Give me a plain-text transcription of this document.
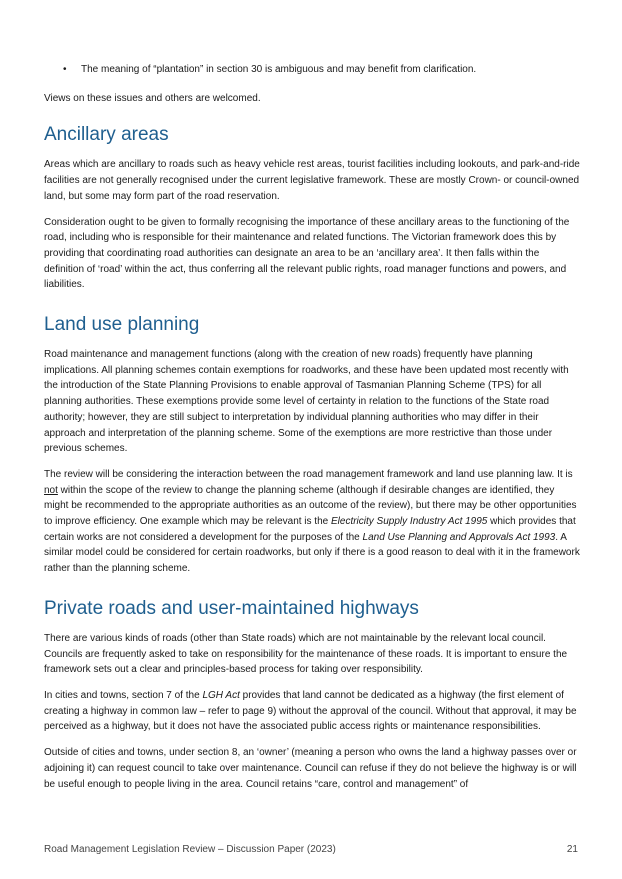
• The meaning of “plantation” in section 30 is ambiguous and may benefit from clarification.

Views on these issues and others are welcomed.

Ancillary areas

Areas which are ancillary to roads such as heavy vehicle rest areas, tourist facilities including lookouts, and park-and-ride facilities are not generally recognised under the current legislative framework. These are mostly Crown- or council-owned land, but some may form part of the road reservation.

Consideration ought to be given to formally recognising the importance of these ancillary areas to the functioning of the road, including who is responsible for their maintenance and related functions. The Victorian framework does this by providing that coordinating road authorities can designate an area to be an ‘ancillary area’. It then falls within the definition of ‘road’ within the act, thus conferring all the relevant public rights, road manager functions and powers, and liabilities.

Land use planning

Road maintenance and management functions (along with the creation of new roads) frequently have planning implications. All planning schemes contain exemptions for roadworks, and these have been updated most recently with the introduction of the State Planning Provisions to enable approval of Tasmanian Planning Scheme (TPS) for all planning authorities. These exemptions provide some level of certainty in relation to the functions of the State road authority; however, they are still subject to interpretation by individual planning authorities who may differ in their approach and interpretation of the planning scheme. Some of the exemptions are more restrictive than those under previous schemes.

The review will be considering the interaction between the road management framework and land use planning law. It is not within the scope of the review to change the planning scheme (although if desirable changes are identified, they might be recommended to the appropriate authorities as an outcome of the review), but there may be other opportunities to improve efficiency. One example which may be relevant is the Electricity Supply Industry Act 1995 which provides that certain works are not considered a development for the purposes of the Land Use Planning and Approvals Act 1993. A similar model could be considered for certain roadworks, but only if there is a good reason to deal with it in the framework rather than the planning scheme.

Private roads and user-maintained highways

There are various kinds of roads (other than State roads) which are not maintainable by the relevant local council. Councils are frequently asked to take on responsibility for the maintenance of these roads. It is important to ensure the framework sets out a clear and principles-based process for taking over responsibility.

In cities and towns, section 7 of the LGH Act provides that land cannot be dedicated as a highway (the first element of creating a highway in common law – refer to page 9) without the approval of the council. Without that approval, it may be perceived as a highway, but it does not have the associated public access rights or maintenance responsibilities.

Outside of cities and towns, under section 8, an ‘owner’ (meaning a person who owns the land a highway passes over or adjoining it) can request council to take over maintenance. Council can refuse if they do not believe the highway is or will be useful enough to people living in the area. Council retains “care, control and management” of

Road Management Legislation Review – Discussion Paper (2023)	21
